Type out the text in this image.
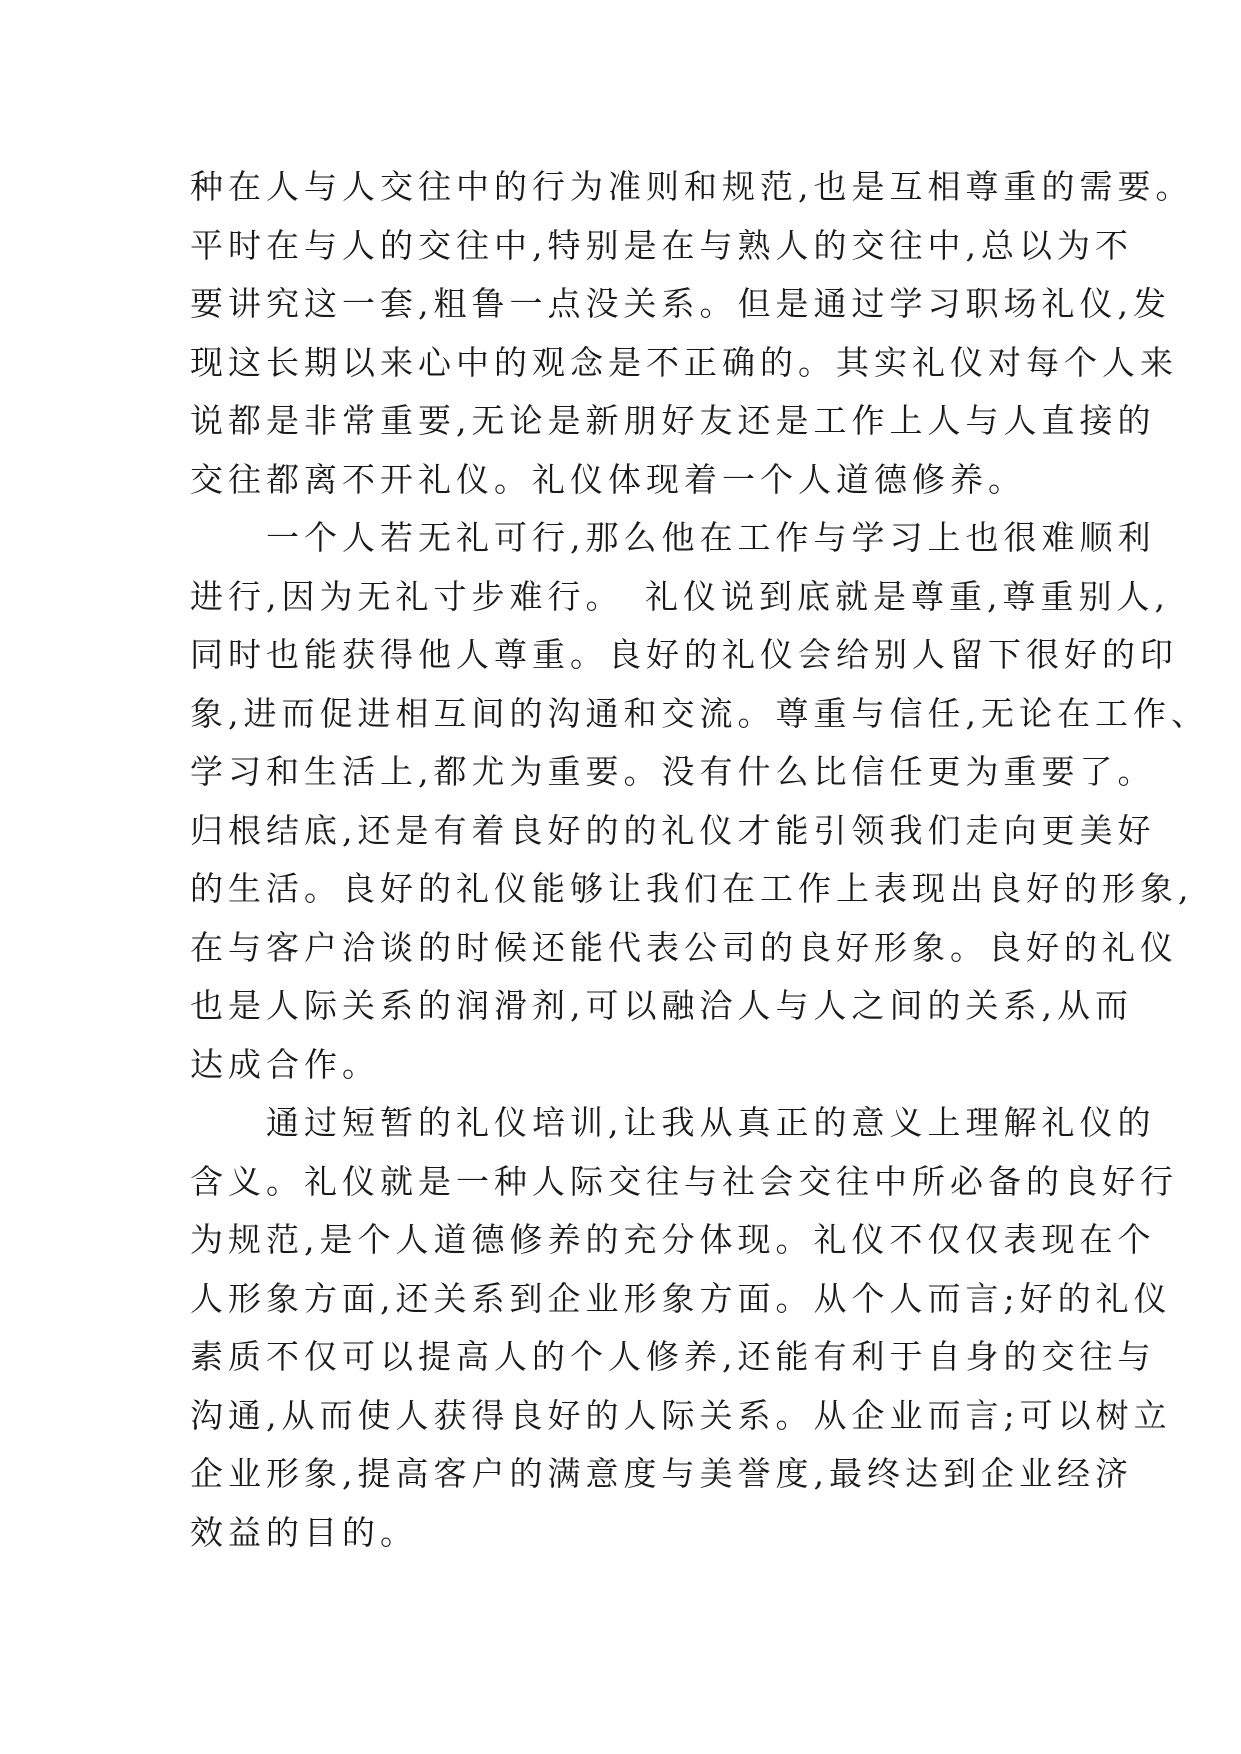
种在人与人交往中的行为准则和规范,也是互相尊重的需要。
平时在与人的交往中,特别是在与熟人的交往中,总以为不
要讲究这一套,粗鲁一点没关系。但是通过学习职场礼仪,发
现这长期以来心中的观念是不正确的。其实礼仪对每个人来
说都是非常重要,无论是新朋好友还是工作上人与人直接的
交往都离不开礼仪。礼仪体现着一个人道德修养。
　　一个人若无礼可行,那么他在工作与学习上也很难顺利
进行,因为无礼寸步难行。　礼仪说到底就是尊重,尊重别人,
同时也能获得他人尊重。良好的礼仪会给别人留下很好的印
象,进而促进相互间的沟通和交流。尊重与信任,无论在工作、
学习和生活上,都尤为重要。没有什么比信任更为重要了。
归根结底,还是有着良好的的礼仪才能引领我们走向更美好
的生活。良好的礼仪能够让我们在工作上表现出良好的形象,
在与客户洽谈的时候还能代表公司的良好形象。良好的礼仪
也是人际关系的润滑剂,可以融洽人与人之间的关系,从而
达成合作。
　　通过短暂的礼仪培训,让我从真正的意义上理解礼仪的
含义。礼仪就是一种人际交往与社会交往中所必备的良好行
为规范,是个人道德修养的充分体现。礼仪不仅仅表现在个
人形象方面,还关系到企业形象方面。从个人而言;好的礼仪
素质不仅可以提高人的个人修养,还能有利于自身的交往与
沟通,从而使人获得良好的人际关系。从企业而言;可以树立
企业形象,提高客户的满意度与美誉度,最终达到企业经济
效益的目的。
